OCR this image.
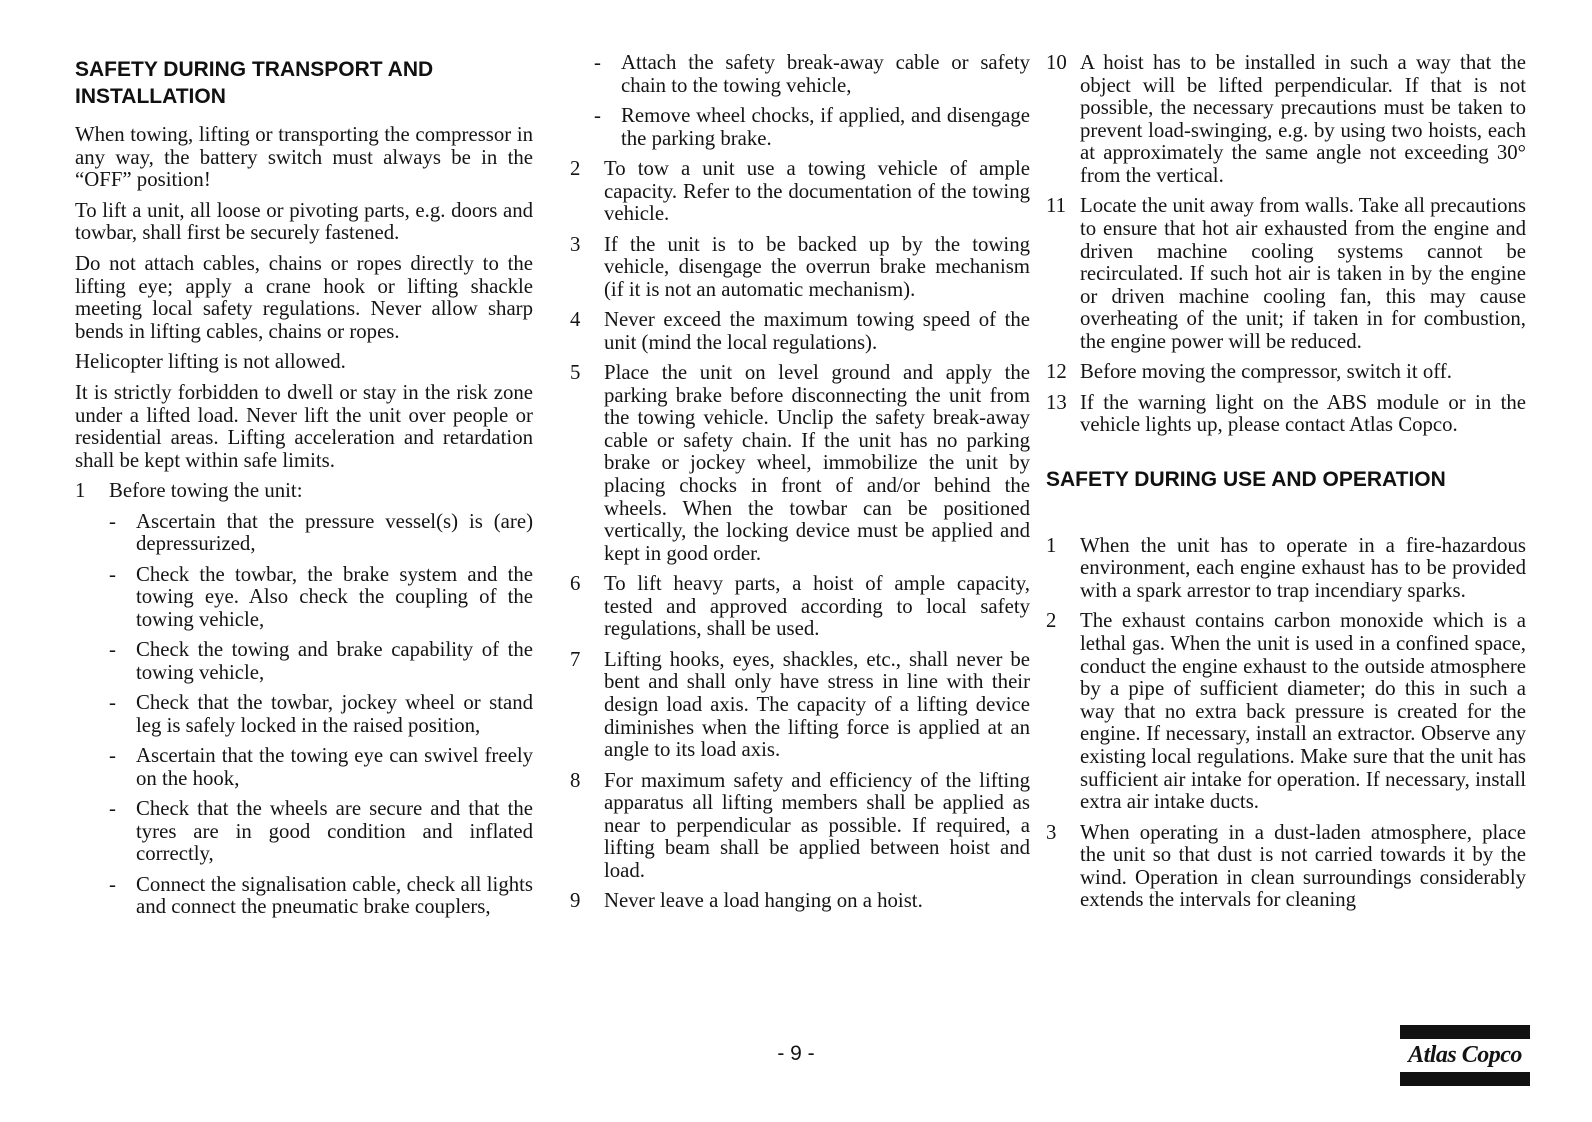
SAFETY DURING TRANSPORT AND INSTALLATION

When towing, lifting or transporting the compressor in any way, the battery switch must always be in the “OFF” position!

To lift a unit, all loose or pivoting parts, e.g. doors and towbar, shall first be securely fastened.

Do not attach cables, chains or ropes directly to the lifting eye; apply a crane hook or lifting shackle meeting local safety regulations. Never allow sharp bends in lifting cables, chains or ropes.

Helicopter lifting is not allowed.

It is strictly forbidden to dwell or stay in the risk zone under a lifted load. Never lift the unit over people or residential areas. Lifting acceleration and retardation shall be kept within safe limits.

1	Before towing the unit:
- Ascertain that the pressure vessel(s) is (are) depressurized,
- Check the towbar, the brake system and the towing eye. Also check the coupling of the towing vehicle,
- Check the towing and brake capability of the towing vehicle,
- Check that the towbar, jockey wheel or stand leg is safely locked in the raised position,
- Ascertain that the towing eye can swivel freely on the hook,
- Check that the wheels are secure and that the tyres are in good condition and inflated correctly,
- Connect the signalisation cable, check all lights and connect the pneumatic brake couplers,
- Attach the safety break-away cable or safety chain to the towing vehicle,
- Remove wheel chocks, if applied, and disengage the parking brake.
2	To tow a unit use a towing vehicle of ample capacity. Refer to the documentation of the towing vehicle.
3	If the unit is to be backed up by the towing vehicle, disengage the overrun brake mechanism (if it is not an automatic mechanism).
4	Never exceed the maximum towing speed of the unit (mind the local regulations).
5	Place the unit on level ground and apply the parking brake before disconnecting the unit from the towing vehicle. Unclip the safety break-away cable or safety chain. If the unit has no parking brake or jockey wheel, immobilize the unit by placing chocks in front of and/or behind the wheels. When the towbar can be positioned vertically, the locking device must be applied and kept in good order.
6	To lift heavy parts, a hoist of ample capacity, tested and approved according to local safety regulations, shall be used.
7	Lifting hooks, eyes, shackles, etc., shall never be bent and shall only have stress in line with their design load axis. The capacity of a lifting device diminishes when the lifting force is applied at an angle to its load axis.
8	For maximum safety and efficiency of the lifting apparatus all lifting members shall be applied as near to perpendicular as possible. If required, a lifting beam shall be applied between hoist and load.
9	Never leave a load hanging on a hoist.
10 A hoist has to be installed in such a way that the object will be lifted perpendicular. If that is not possible, the necessary precautions must be taken to prevent load-swinging, e.g. by using two hoists, each at approximately the same angle not exceeding 30° from the vertical.
11 Locate the unit away from walls. Take all precautions to ensure that hot air exhausted from the engine and driven machine cooling systems cannot be recirculated. If such hot air is taken in by the engine or driven machine cooling fan, this may cause overheating of the unit; if taken in for combustion, the engine power will be reduced.
12 Before moving the compressor, switch it off.
13 If the warning light on the ABS module or in the vehicle lights up, please contact Atlas Copco.
SAFETY DURING USE AND OPERATION
1	When the unit has to operate in a fire-hazardous environment, each engine exhaust has to be provided with a spark arrestor to trap incendiary sparks.
2	The exhaust contains carbon monoxide which is a lethal gas. When the unit is used in a confined space, conduct the engine exhaust to the outside atmosphere by a pipe of sufficient diameter; do this in such a way that no extra back pressure is created for the engine. If necessary, install an extractor. Observe any existing local regulations. Make sure that the unit has sufficient air intake for operation. If necessary, install extra air intake ducts.
3	When operating in a dust-laden atmosphere, place the unit so that dust is not carried towards it by the wind. Operation in clean surroundings considerably extends the intervals for cleaning
- 9 -	Atlas Copco
